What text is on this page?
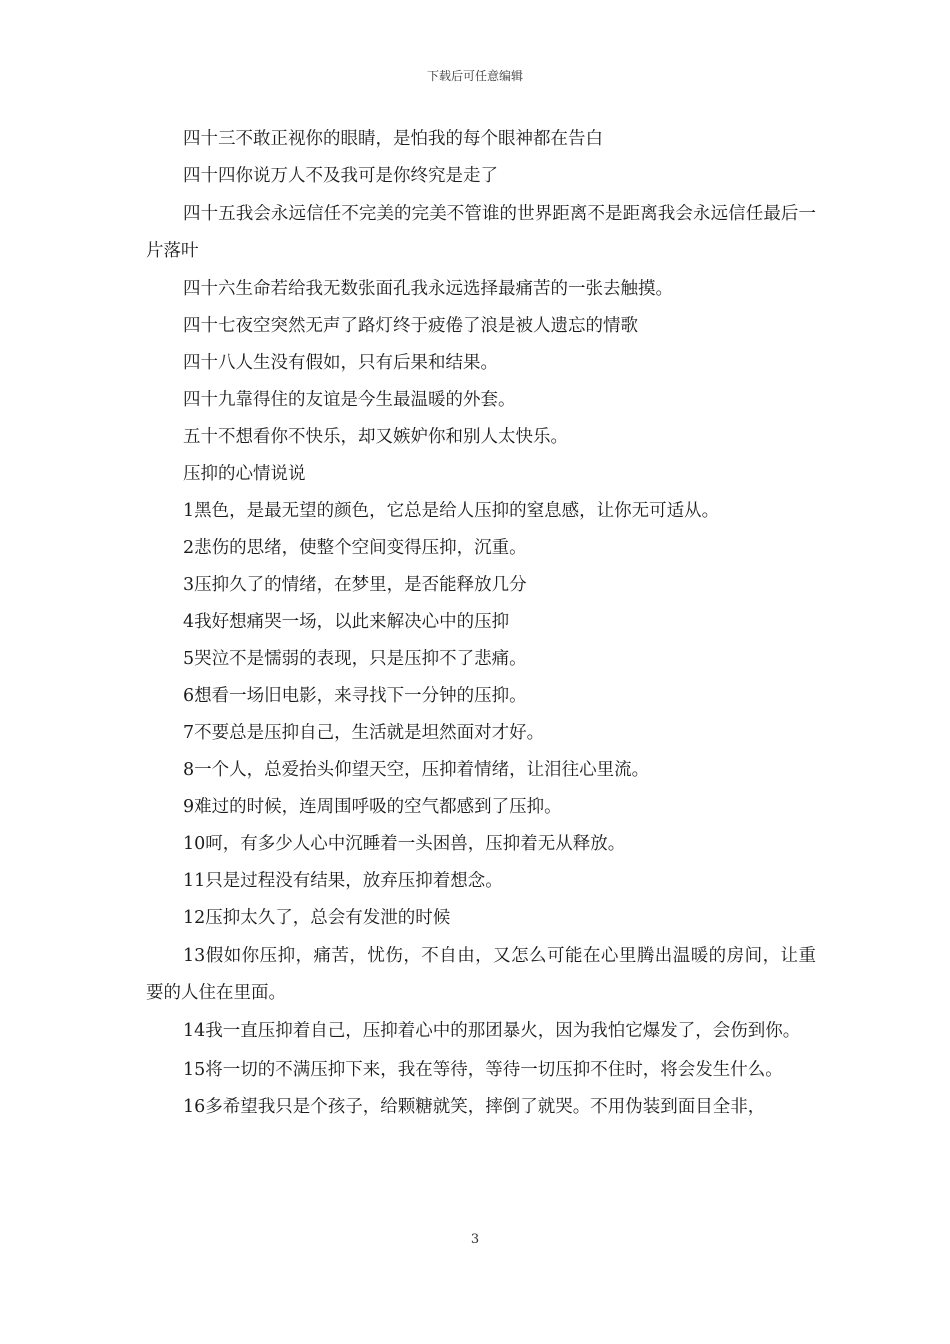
下载后可任意编辑

四十三不敢正视你的眼睛，是怕我的每个眼神都在告白

四十四你说万人不及我可是你终究是走了

四十五我会永远信任不完美的完美不管谁的世界距离不是距离我会永远信任最后一片落叶

四十六生命若给我无数张面孔我永远选择最痛苦的一张去触摸。

四十七夜空突然无声了路灯终于疲倦了浪是被人遗忘的情歌

四十八人生没有假如，只有后果和结果。

四十九靠得住的友谊是今生最温暖的外套。

五十不想看你不快乐，却又嫉妒你和别人太快乐。

压抑的心情说说

1黑色，是最无望的颜色，它总是给人压抑的窒息感，让你无可适从。

2悲伤的思绪，使整个空间变得压抑，沉重。

3压抑久了的情绪，在梦里，是否能释放几分

4我好想痛哭一场，以此来解决心中的压抑

5哭泣不是懦弱的表现，只是压抑不了悲痛。

6想看一场旧电影，来寻找下一分钟的压抑。

7不要总是压抑自己，生活就是坦然面对才好。

8一个人，总爱抬头仰望天空，压抑着情绪，让泪往心里流。

9难过的时候，连周围呼吸的空气都感到了压抑。

10呵，有多少人心中沉睡着一头困兽，压抑着无从释放。

11只是过程没有结果，放弃压抑着想念。

12压抑太久了，总会有发泄的时候

13假如你压抑，痛苦，忧伤，不自由，又怎么可能在心里腾出温暖的房间，让重要的人住在里面。

14我一直压抑着自己，压抑着心中的那团暴火，因为我怕它爆发了，会伤到你。

15将一切的不满压抑下来，我在等待，等待一切压抑不住时，将会发生什么。

16多希望我只是个孩子，给颗糖就笑，摔倒了就哭。不用伪装到面目全非，

3
